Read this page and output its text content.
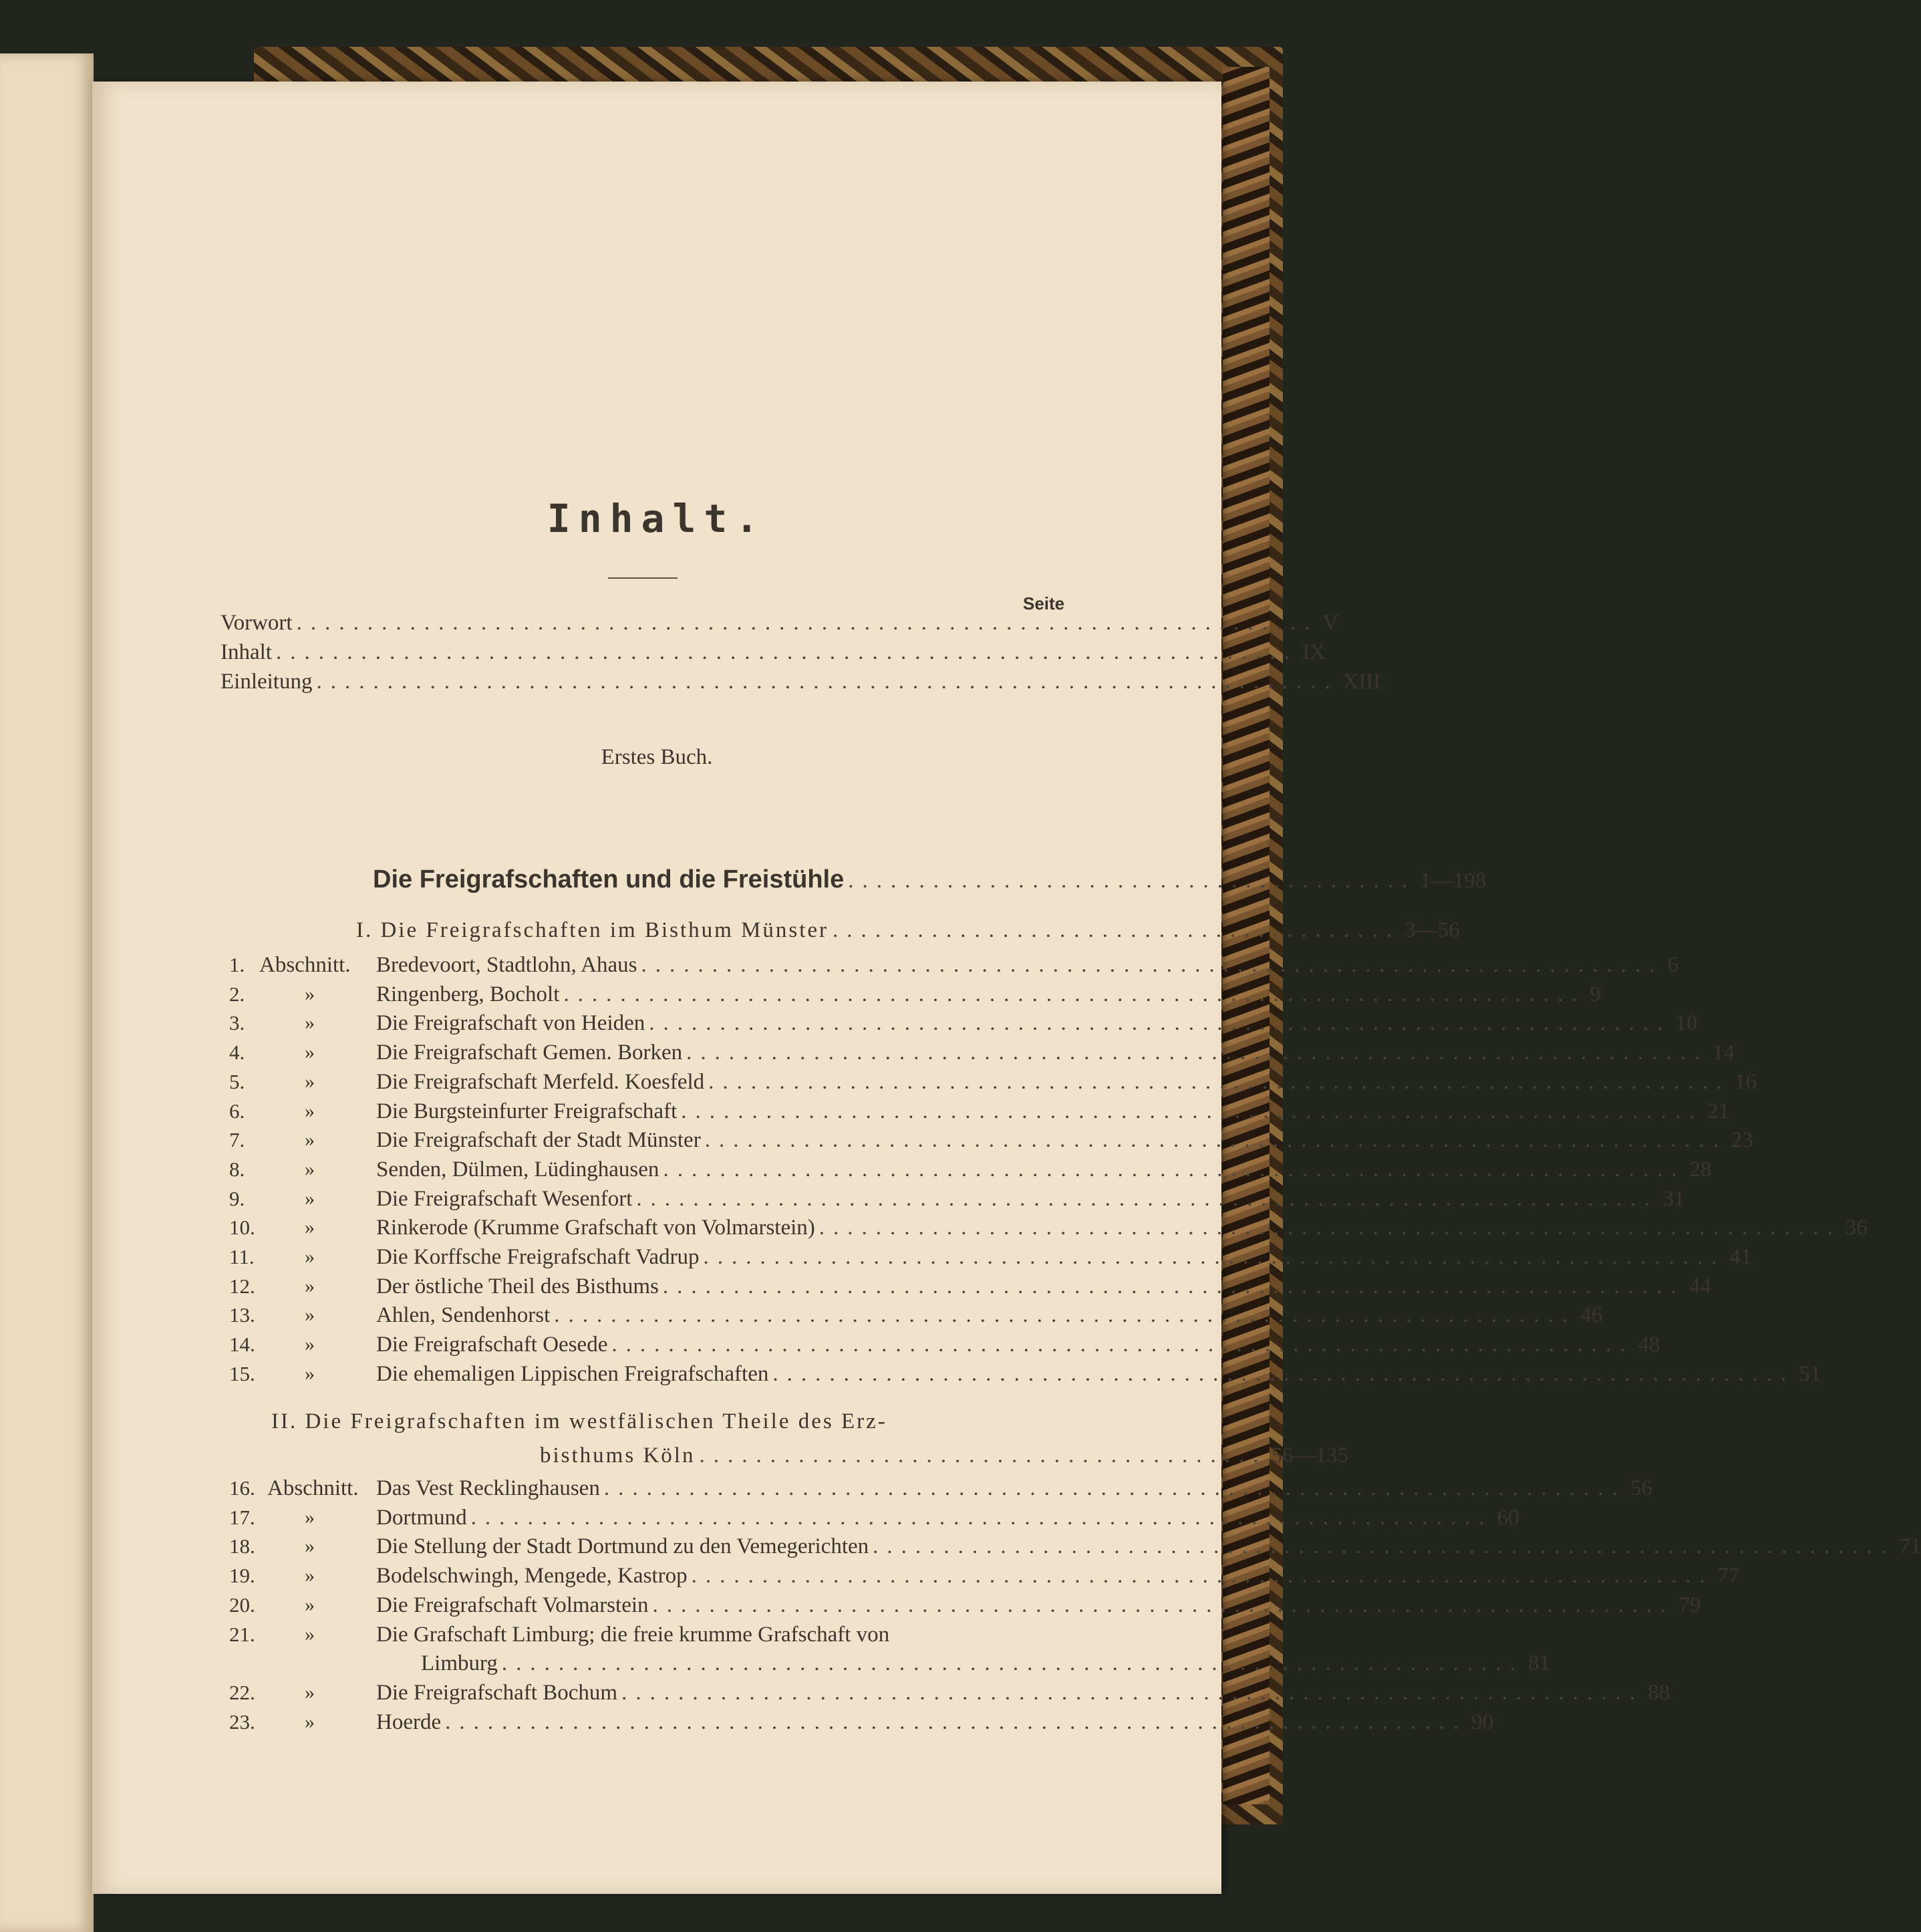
Inhalt.
Seite
Vorwort ........................................................................ V
Inhalt ........................................................................ IX
Einleitung ........................................................................ XIII
Erstes Buch.
Die Freigrafschaften und die Freistühle ........................................ 1—198
I. Die Freigrafschaften im Bisthum Münster ........................................ 3—56
1. Abschnitt. Bredevoort, Stadtlohn, Ahaus ........................................................................ 6
2.	»	Ringenberg, Bocholt ........................................................................ 9
3.	»	Die Freigrafschaft von Heiden ........................................................................ 10
4.	»	Die Freigrafschaft Gemen. Borken ........................................................................ 14
5.	»	Die Freigrafschaft Merfeld. Koesfeld ........................................................................ 16
6.	»	Die Burgsteinfurter Freigrafschaft ........................................................................ 21
7.	»	Die Freigrafschaft der Stadt Münster ........................................................................ 23
8.	»	Senden, Dülmen, Lüdinghausen ........................................................................ 28
9.	»	Die Freigrafschaft Wesenfort ........................................................................ 31
10. »	Rinkerode (Krumme Grafschaft von Volmarstein) ........................................................................ 36
11.	»	Die Korffsche Freigrafschaft Vadrup ........................................................................ 41
12. »	Der östliche Theil des Bisthums ........................................................................ 44
13. »	Ahlen, Sendenhorst ........................................................................ 46
14. »	Die Freigrafschaft Oesede ........................................................................ 48
15. »	Die ehemaligen Lippischen Freigrafschaften ........................................................................ 51
II. Die Freigrafschaften im westfälischen Theile des Erz-
bisthums Köln ........................................ 56—135
16. Abschnitt. Das Vest Recklinghausen ........................................................................ 56
17. »	Dortmund ........................................................................ 60
18. »	Die Stellung der Stadt Dortmund zu den Vemegerichten ........................................................................ 71
19. »	Bodelschwingh, Mengede, Kastrop ........................................................................ 77
20. »	Die Freigrafschaft Volmarstein ........................................................................ 79
21. »	Die Grafschaft Limburg; die freie krumme Grafschaft von
Limburg ........................................................................ 81
22. »	Die Freigrafschaft Bochum ........................................................................ 88
23. »	Hoerde ........................................................................ 90
